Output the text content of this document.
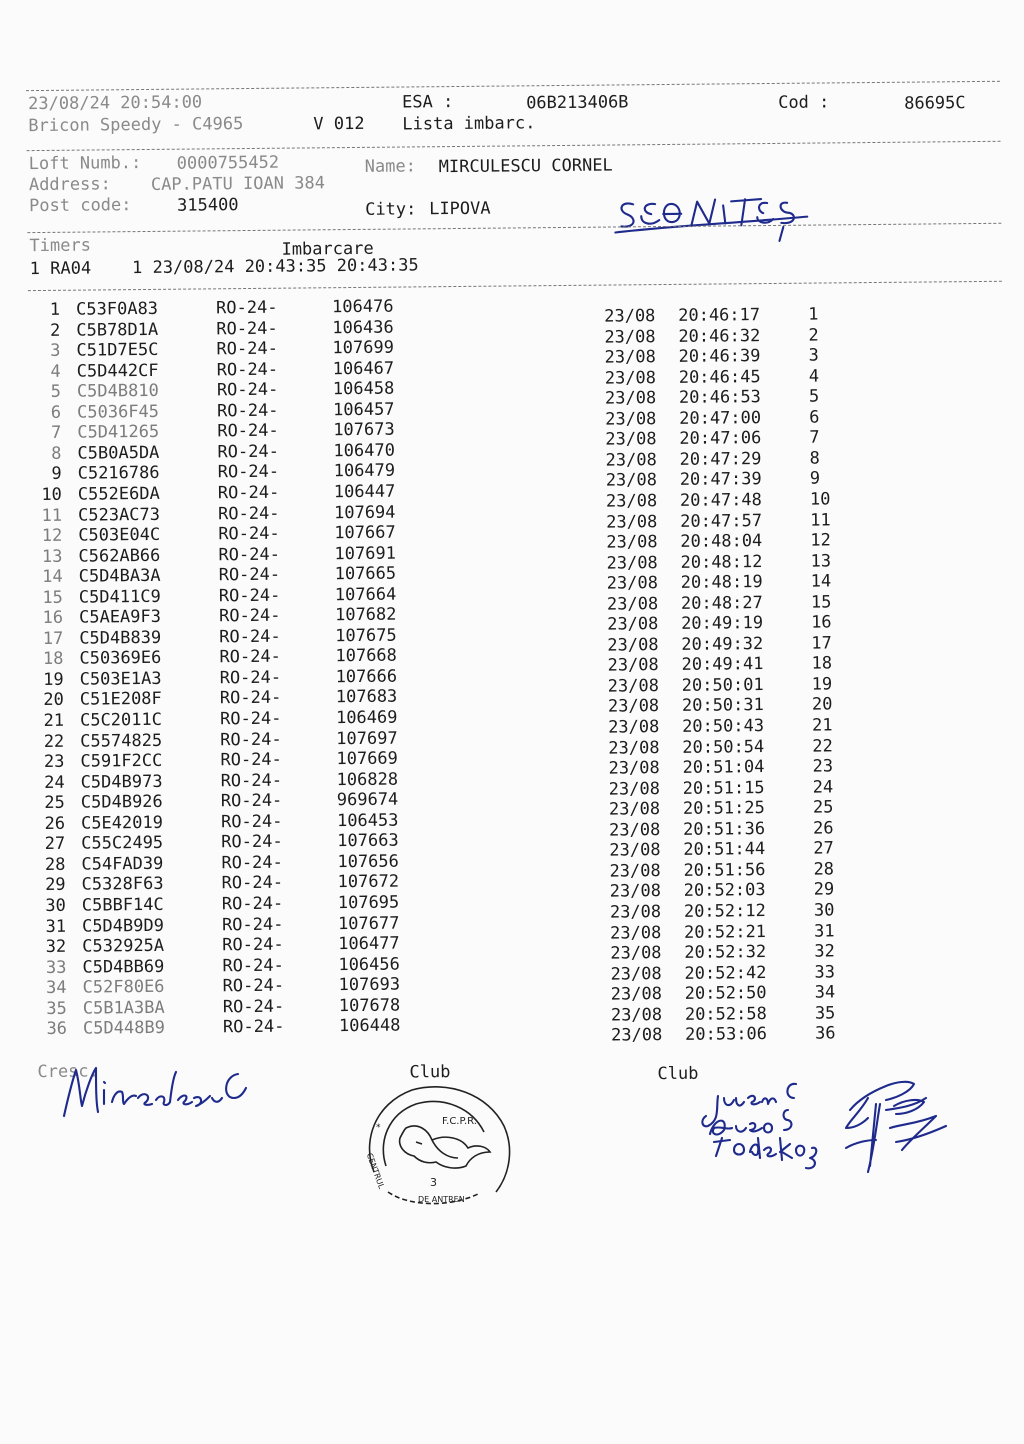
23/08/24 20:54:00	ESA :	06B213406B	Cod :	86695C
Bricon Speedy - C4965	V 012 Lista imbarc.
Loft Numb.: 0000755452	Name: MIRCULESCU CORNEL
Address: CAP.PATU IOAN 384
Post code:	315400	City: LIPOVA
Timers	Imbarcare
1 RA04    1 23/08/24 20:43:35 20:43:35
1 C53F0A83	RO-24-	106476	23/08 20:46:17	1
2 C5B78D1A	RO-24-	106436	23/08 20:46:32	2
3 C51D7E5C	RO-24-	107699	23/08 20:46:39	3
4 C5D442CF	RO-24-	106467	23/08 20:46:45	4
5 C5D4B810	RO-24-	106458	23/08 20:46:53	5
6 C5036F45	RO-24-	106457	23/08 20:47:00	6
7 C5D41265	RO-24-	107673	23/08 20:47:06	7
8 C5B0A5DA	RO-24-	106470	23/08 20:47:29	8
9 C5216786	RO-24-	106479	23/08 20:47:39	9
10 C552E6DA	RO-24-	106447	23/08 20:47:48	10
11 C523AC73	RO-24-	107694	23/08 20:47:57	11
12 C503E04C	RO-24-	107667	23/08 20:48:04	12
13 C562AB66	RO-24-	107691	23/08 20:48:12	13
14 C5D4BA3A	RO-24-	107665	23/08 20:48:19	14
15 C5D411C9	RO-24-	107664	23/08 20:48:27	15
16 C5AEA9F3	RO-24-	107682	23/08 20:49:19	16
17 C5D4B839	RO-24-	107675	23/08 20:49:32	17
18 C50369E6	RO-24-	107668	23/08 20:49:41	18
19 C503E1A3	RO-24-	107666	23/08 20:50:01	19
20 C51E208F	RO-24-	107683	23/08 20:50:31	20
21 C5C2011C	RO-24-	106469	23/08 20:50:43	21
22 C5574825	RO-24-	107697	23/08 20:50:54	22
23 C591F2CC	RO-24-	107669	23/08 20:51:04	23
24 C5D4B973	RO-24-	106828	23/08 20:51:15	24
25 C5D4B926	RO-24-	969674	23/08 20:51:25	25
26 C5E42019	RO-24-	106453	23/08 20:51:36	26
27 C55C2495	RO-24-	107663	23/08 20:51:44	27
28 C54FAD39	RO-24-	107656	23/08 20:51:56	28
29 C5328F63	RO-24-	107672	23/08 20:52:03	29
30 C5BBF14C	RO-24-	107695	23/08 20:52:12	30
31 C5D4B9D9	RO-24-	107677	23/08 20:52:21	31
32 C532925A	RO-24-	106477	23/08 20:52:32	32
33 C5D4BB69	RO-24-	106456	23/08 20:52:42	33
34 C52F80E6	RO-24-	107693	23/08 20:52:50	34
35 C5B1A3BA	RO-24-	107678	23/08 20:52:58	35
36 C5D448B9	RO-24-	106448	23/08 20:53:06	36
Cresc.	Club	Club
F.C.P.R.
3
*
CENTRUL
DE ANTREN
